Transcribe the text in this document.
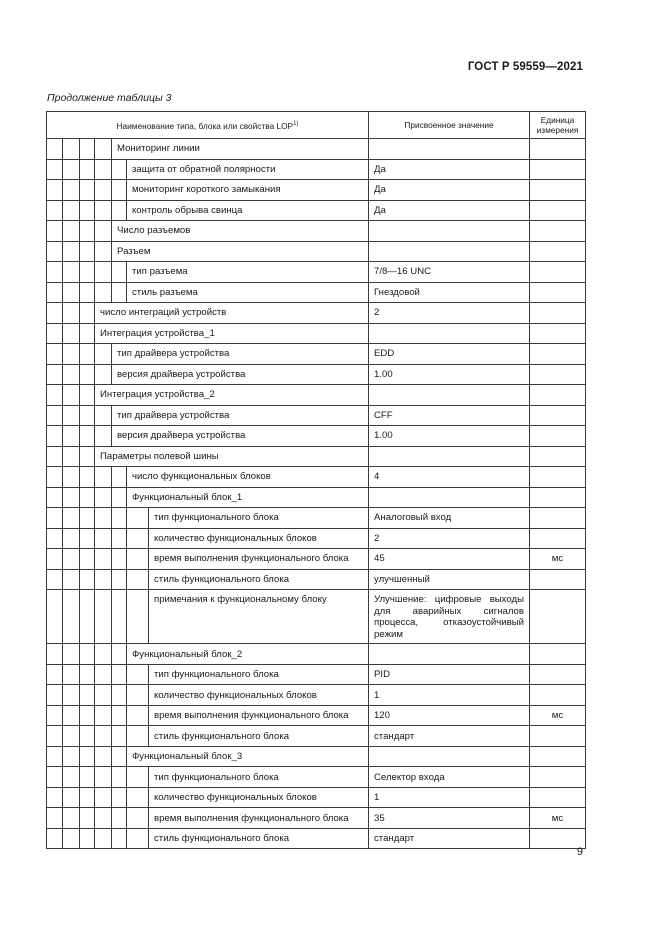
ГОСТ Р 59559—2021
Продолжение таблицы 3
Наименование типа, блока или свойства LOP$^{1)}$							Присвоенное значение	Единица измерения
				Мониторинг линии				
					защита от обратной полярности		Да	
					мониторинг короткого замыкания		Да	
					контроль обрыва свинца		Да	
				Число разъемов				
				Разъем				
					тип разъема		7/8—16 UNC	
					стиль разъема		Гнездовой	
			число интеграций устройств				2	
			Интеграция устройства_1					
				тип драйвера устройства			EDD	
				версия драйвера устройства			1.00	
			Интеграция устройства_2					
				тип драйвера устройства			CFF	
				версия драйвера устройства			1.00	
			Параметры полевой шины					
					число функциональных блоков		4	
					Функциональный блок_1			
						тип функционального блока	Аналоговый вход	
						количество функциональных блоков	2	
						время выполнения функционального блока	45	мс
						стиль функционального блока	улучшенный	
						примечания к функциональному блоку	Улучшение: цифровые выходы для аварийных сигналов процесса, отказоустойчивый режим	
					Функциональный блок_2			
						тип функционального блока	PID	
						количество функциональных блоков	1	
						время выполнения функционального блока	120	мс
						стиль функционального блока	стандарт	
					Функциональный блок_3			
						тип функционального блока	Селектор входа	
						количество функциональных блоков	1	
						время выполнения функционального блока	35	мс
						стиль функционального блока	стандарт	
9
